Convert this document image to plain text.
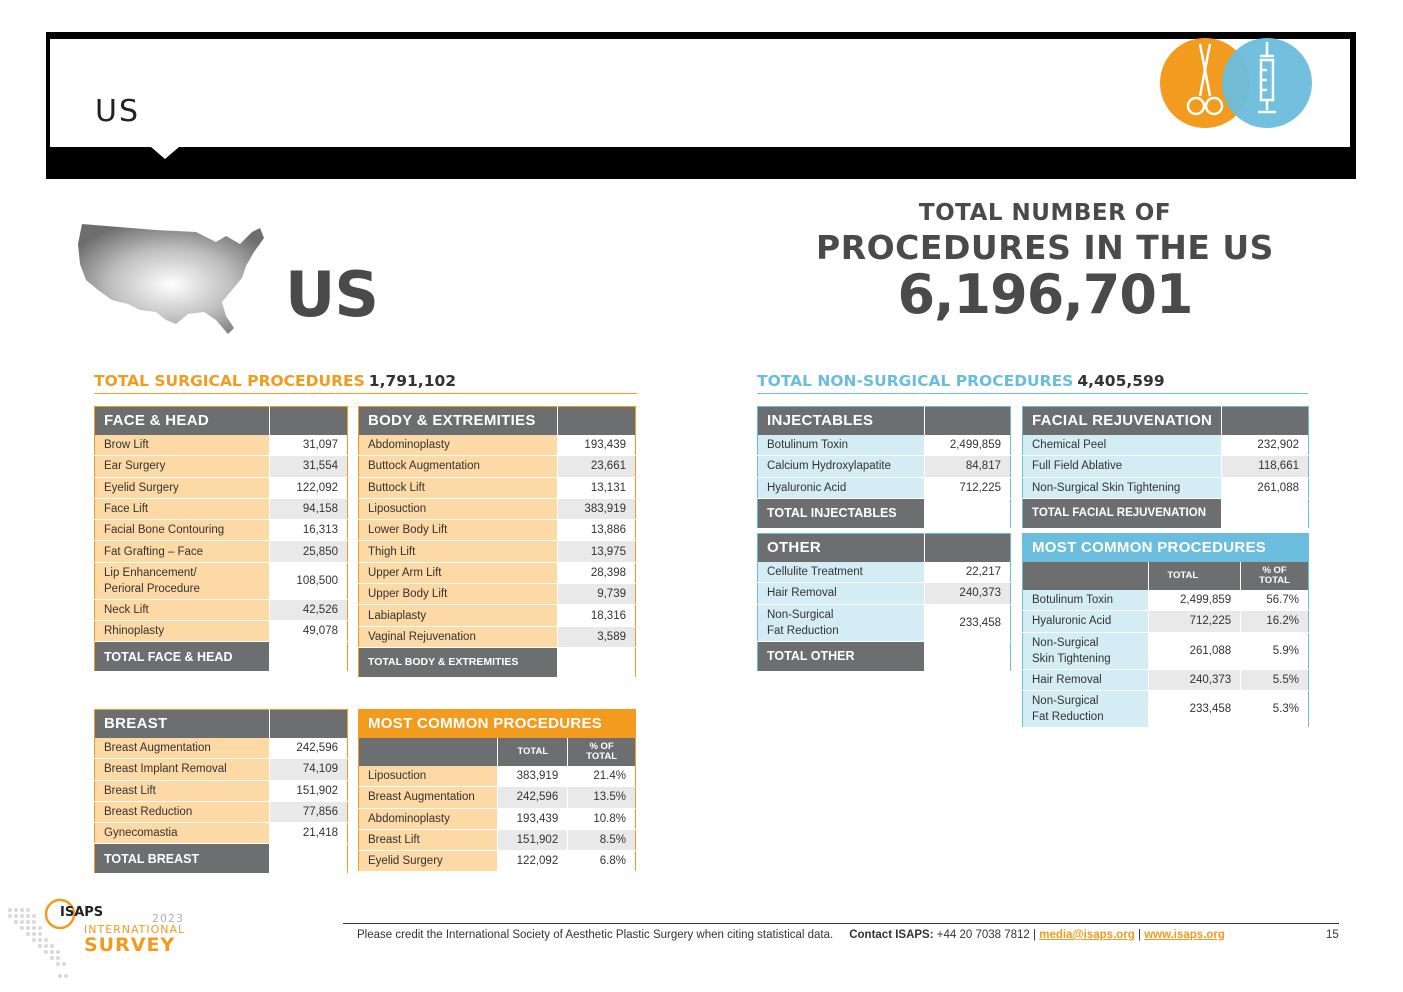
US
US
TOTAL NUMBER OF
PROCEDURES IN THE US
6,196,701
TOTAL SURGICAL PROCEDURES 1,791,102	TOTAL NON-SURGICAL PROCEDURES 4,405,599
FACE & HEAD	
Brow Lift	31,097
Ear Surgery	31,554
Eyelid Surgery	122,092
Face Lift	94,158
Facial Bone Contouring	16,313
Fat Grafting – Face	25,850
Lip Enhancement/
Perioral Procedure	108,500
Neck Lift	42,526
Rhinoplasty	49,078
TOTAL FACE & HEAD	521,167
BODY & EXTREMITIES	
Abdominoplasty	193,439
Buttock Augmentation	23,661
Buttock Lift	13,131
Liposuction	383,919
Lower Body Lift	13,886
Thigh Lift	13,975
Upper Arm Lift	28,398
Upper Body Lift	9,739
Labiaplasty	18,316
Vaginal Rejuvenation	3,589
TOTAL BODY & EXTREMITIES	702,054
BREAST	
Breast Augmentation	242,596
Breast Implant Removal	74,109
Breast Lift	151,902
Breast Reduction	77,856
Gynecomastia	21,418
TOTAL BREAST	567,881
MOST COMMON PROCEDURES		
	TOTAL	% OF
TOTAL
Liposuction	383,919	21.4%
Breast Augmentation	242,596	13.5%
Abdominoplasty	193,439	10.8%
Breast Lift	151,902	8.5%
Eyelid Surgery	122,092	6.8%
INJECTABLES	
Botulinum Toxin	2,499,859
Calcium Hydroxylapatite	84,817
Hyaluronic Acid	712,225
TOTAL INJECTABLES	3,296,901
FACIAL REJUVENATION	
Chemical Peel	232,902
Full Field Ablative	118,661
Non-Surgical Skin Tightening	261,088
TOTAL FACIAL REJUVENATION	612,651
OTHER	
Cellulite Treatment	22,217
Hair Removal	240,373
Non-Surgical
Fat Reduction	233,458
TOTAL OTHER	496,047
MOST COMMON PROCEDURES		
	TOTAL	% OF
TOTAL
Botulinum Toxin	2,499,859	56.7%
Hyaluronic Acid	712,225	16.2%
Non-Surgical
Skin Tightening	261,088	5.9%
Hair Removal	240,373	5.5%
Non-Surgical
Fat Reduction	233,458	5.3%
ISAPS	2023
INTERNATIONAL
SURVEY	Please credit the International Society of Aesthetic Plastic Surgery when citing statistical data. Contact ISAPS: +44 20 7038 7812 | media@isaps.org | www.isaps.org	15
